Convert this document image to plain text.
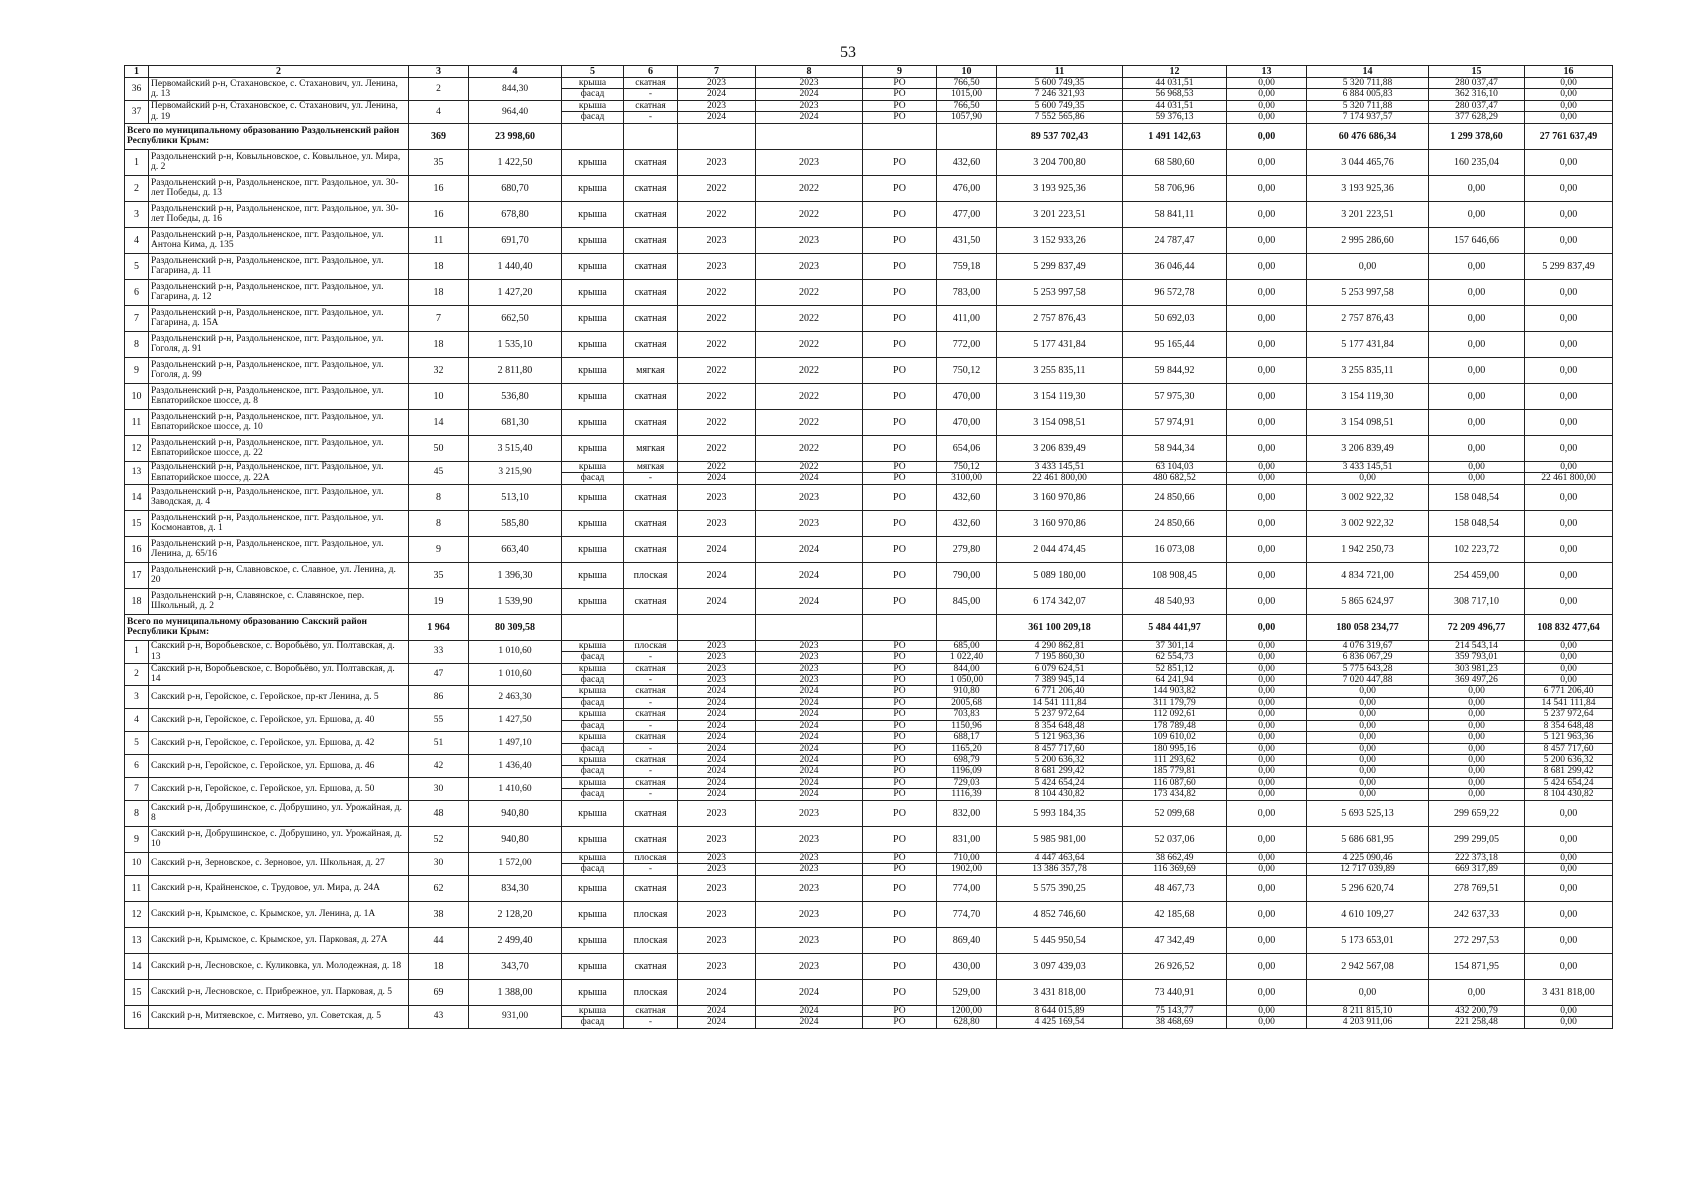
53
1	2	3	4	5	6	7	8	9	10	11	12	13	14	15	16
36	Первомайский р-н, Стахановское, с. Стаханович, ул. Ленина, д. 13	2	844,30	крыша	скатная	2023	2023	РО	766,50	5 600 749,35	44 031,51	0,00	5 320 711,88	280 037,47	0,00
				фасад	-	2024	2024	РО	1015,00	7 246 321,93	56 968,53	0,00	6 884 005,83	362 316,10	0,00
37	Первомайский р-н, Стахановское, с. Стаханович, ул. Ленина, д. 19	4	964,40	крыша	скатная	2023	2023	РО	766,50	5 600 749,35	44 031,51	0,00	5 320 711,88	280 037,47	0,00
				фасад	-	2024	2024	РО	1057,90	7 552 565,86	59 376,13	0,00	7 174 937,57	377 628,29	0,00
Всего по муниципальному образованию Раздольненский район Республики Крым:		369	23 998,60							89 537 702,43	1 491 142,63	0,00	60 476 686,34	1 299 378,60	27 761 637,49
1	Раздольненский р-н, Ковыльновское, с. Ковыльное, ул. Мира, д. 2	35	1 422,50	крыша	скатная	2023	2023	РО	432,60	3 204 700,80	68 580,60	0,00	3 044 465,76	160 235,04	0,00
2	Раздольненский р-н, Раздольненское, пгт. Раздольное, ул. 30-лет Победы, д. 13	16	680,70	крыша	скатная	2022	2022	РО	476,00	3 193 925,36	58 706,96	0,00	3 193 925,36	0,00	0,00
3	Раздольненский р-н, Раздольненское, пгт. Раздольное, ул. 30-лет Победы, д. 16	16	678,80	крыша	скатная	2022	2022	РО	477,00	3 201 223,51	58 841,11	0,00	3 201 223,51	0,00	0,00
4	Раздольненский р-н, Раздольненское, пгт. Раздольное, ул. Антона Кима, д. 135	11	691,70	крыша	скатная	2023	2023	РО	431,50	3 152 933,26	24 787,47	0,00	2 995 286,60	157 646,66	0,00
5	Раздольненский р-н, Раздольненское, пгт. Раздольное, ул. Гагарина, д. 11	18	1 440,40	крыша	скатная	2023	2023	РО	759,18	5 299 837,49	36 046,44	0,00	0,00	0,00	5 299 837,49
6	Раздольненский р-н, Раздольненское, пгт. Раздольное, ул. Гагарина, д. 12	18	1 427,20	крыша	скатная	2022	2022	РО	783,00	5 253 997,58	96 572,78	0,00	5 253 997,58	0,00	0,00
7	Раздольненский р-н, Раздольненское, пгт. Раздольное, ул. Гагарина, д. 15А	7	662,50	крыша	скатная	2022	2022	РО	411,00	2 757 876,43	50 692,03	0,00	2 757 876,43	0,00	0,00
8	Раздольненский р-н, Раздольненское, пгт. Раздольное, ул. Гоголя, д. 91	18	1 535,10	крыша	скатная	2022	2022	РО	772,00	5 177 431,84	95 165,44	0,00	5 177 431,84	0,00	0,00
9	Раздольненский р-н, Раздольненское, пгт. Раздольное, ул. Гоголя, д. 99	32	2 811,80	крыша	мягкая	2022	2022	РО	750,12	3 255 835,11	59 844,92	0,00	3 255 835,11	0,00	0,00
10	Раздольненский р-н, Раздольненское, пгт. Раздольное, ул. Евпаторийское шоссе, д. 8	10	536,80	крыша	скатная	2022	2022	РО	470,00	3 154 119,30	57 975,30	0,00	3 154 119,30	0,00	0,00
11	Раздольненский р-н, Раздольненское, пгт. Раздольное, ул. Евпаторийское шоссе, д. 10	14	681,30	крыша	скатная	2022	2022	РО	470,00	3 154 098,51	57 974,91	0,00	3 154 098,51	0,00	0,00
12	Раздольненский р-н, Раздольненское, пгт. Раздольное, ул. Евпаторийское шоссе, д. 22	50	3 515,40	крыша	мягкая	2022	2022	РО	654,06	3 206 839,49	58 944,34	0,00	3 206 839,49	0,00	0,00
13	Раздольненский р-н, Раздольненское, пгт. Раздольное, ул. Евпаторийское шоссе, д. 22А	45	3 215,90	крыша	мягкая	2022	2022	РО	750,12	3 433 145,51	63 104,03	0,00	3 433 145,51	0,00	0,00
				фасад	-	2024	2024	РО	3100,00	22 461 800,00	480 682,52	0,00	0,00	0,00	22 461 800,00
14	Раздольненский р-н, Раздольненское, пгт. Раздольное, ул. Заводская, д. 4	8	513,10	крыша	скатная	2023	2023	РО	432,60	3 160 970,86	24 850,66	0,00	3 002 922,32	158 048,54	0,00
15	Раздольненский р-н, Раздольненское, пгт. Раздольное, ул. Космонавтов, д. 1	8	585,80	крыша	скатная	2023	2023	РО	432,60	3 160 970,86	24 850,66	0,00	3 002 922,32	158 048,54	0,00
16	Раздольненский р-н, Раздольненское, пгт. Раздольное, ул. Ленина, д. 65/16	9	663,40	крыша	скатная	2024	2024	РО	279,80	2 044 474,45	16 073,08	0,00	1 942 250,73	102 223,72	0,00
17	Раздольненский р-н, Славновское, с. Славное, ул. Ленина, д. 20	35	1 396,30	крыша	плоская	2024	2024	РО	790,00	5 089 180,00	108 908,45	0,00	4 834 721,00	254 459,00	0,00
18	Раздольненский р-н, Славянское, с. Славянское, пер. Школьный, д. 2	19	1 539,90	крыша	скатная	2024	2024	РО	845,00	6 174 342,07	48 540,93	0,00	5 865 624,97	308 717,10	0,00
Всего по муниципальному образованию Сакский район Республики Крым:		1 964	80 309,58							361 100 209,18	5 484 441,97	0,00	180 058 234,77	72 209 496,77	108 832 477,64
1	Сакский р-н, Воробьевское, с. Воробьёво, ул. Полтавская, д. 13	33	1 010,60	крыша	плоская	2023	2023	РО	685,00	4 290 862,81	37 301,14	0,00	4 076 319,67	214 543,14	0,00
				фасад	-	2023	2023	РО	1 022,40	7 195 860,30	62 554,73	0,00	6 836 067,29	359 793,01	0,00
2	Сакский р-н, Воробьевское, с. Воробьёво, ул. Полтавская, д. 14	47	1 010,60	крыша	скатная	2023	2023	РО	844,00	6 079 624,51	52 851,12	0,00	5 775 643,28	303 981,23	0,00
				фасад	-	2023	2023	РО	1 050,00	7 389 945,14	64 241,94	0,00	7 020 447,88	369 497,26	0,00
3	Сакский р-н, Геройское, с. Геройское, пр-кт Ленина, д. 5	86	2 463,30	крыша	скатная	2024	2024	РО	910,80	6 771 206,40	144 903,82	0,00	0,00	0,00	6 771 206,40
				фасад	-	2024	2024	РО	2005,68	14 541 111,84	311 179,79	0,00	0,00	0,00	14 541 111,84
4	Сакский р-н, Геройское, с. Геройское, ул. Ершова, д. 40	55	1 427,50	крыша	скатная	2024	2024	РО	703,83	5 237 972,64	112 092,61	0,00	0,00	0,00	5 237 972,64
				фасад	-	2024	2024	РО	1150,96	8 354 648,48	178 789,48	0,00	0,00	0,00	8 354 648,48
5	Сакский р-н, Геройское, с. Геройское, ул. Ершова, д. 42	51	1 497,10	крыша	скатная	2024	2024	РО	688,17	5 121 963,36	109 610,02	0,00	0,00	0,00	5 121 963,36
				фасад	-	2024	2024	РО	1165,20	8 457 717,60	180 995,16	0,00	0,00	0,00	8 457 717,60
6	Сакский р-н, Геройское, с. Геройское, ул. Ершова, д. 46	42	1 436,40	крыша	скатная	2024	2024	РО	698,79	5 200 636,32	111 293,62	0,00	0,00	0,00	5 200 636,32
				фасад	-	2024	2024	РО	1196,09	8 681 299,42	185 779,81	0,00	0,00	0,00	8 681 299,42
7	Сакский р-н, Геройское, с. Геройское, ул. Ершова, д. 50	30	1 410,60	крыша	скатная	2024	2024	РО	729,03	5 424 654,24	116 087,60	0,00	0,00	0,00	5 424 654,24
				фасад	-	2024	2024	РО	1116,39	8 104 430,82	173 434,82	0,00	0,00	0,00	8 104 430,82
8	Сакский р-н, Добрушинское, с. Добрушино, ул. Урожайная, д. 8	48	940,80	крыша	скатная	2023	2023	РО	832,00	5 993 184,35	52 099,68	0,00	5 693 525,13	299 659,22	0,00
9	Сакский р-н, Добрушинское, с. Добрушино, ул. Урожайная, д. 10	52	940,80	крыша	скатная	2023	2023	РО	831,00	5 985 981,00	52 037,06	0,00	5 686 681,95	299 299,05	0,00
10	Сакский р-н, Зерновское, с. Зерновое, ул. Школьная, д. 27	30	1 572,00	крыша	плоская	2023	2023	РО	710,00	4 447 463,64	38 662,49	0,00	4 225 090,46	222 373,18	0,00
				фасад	-	2023	2023	РО	1902,00	13 386 357,78	116 369,69	0,00	12 717 039,89	669 317,89	0,00
11	Сакский р-н, Крайненское, с. Трудовое, ул. Мира, д. 24А	62	834,30	крыша	скатная	2023	2023	РО	774,00	5 575 390,25	48 467,73	0,00	5 296 620,74	278 769,51	0,00
12	Сакский р-н, Крымское, с. Крымское, ул. Ленина, д. 1А	38	2 128,20	крыша	плоская	2023	2023	РО	774,70	4 852 746,60	42 185,68	0,00	4 610 109,27	242 637,33	0,00
13	Сакский р-н, Крымское, с. Крымское, ул. Парковая, д. 27А	44	2 499,40	крыша	плоская	2023	2023	РО	869,40	5 445 950,54	47 342,49	0,00	5 173 653,01	272 297,53	0,00
14	Сакский р-н, Лесновское, с. Куликовка, ул. Молодежная, д. 18	18	343,70	крыша	скатная	2023	2023	РО	430,00	3 097 439,03	26 926,52	0,00	2 942 567,08	154 871,95	0,00
15	Сакский р-н, Лесновское, с. Прибрежное, ул. Парковая, д. 5	69	1 388,00	крыша	плоская	2024	2024	РО	529,00	3 431 818,00	73 440,91	0,00	0,00	0,00	3 431 818,00
16	Сакский р-н, Митяевское, с. Митяево, ул. Советская, д. 5	43	931,00	крыша	скатная	2024	2024	РО	1200,00	8 644 015,89	75 143,77	0,00	8 211 815,10	432 200,79	0,00
				фасад	-	2024	2024	РО	628,80	4 425 169,54	38 468,69	0,00	4 203 911,06	221 258,48	0,00
